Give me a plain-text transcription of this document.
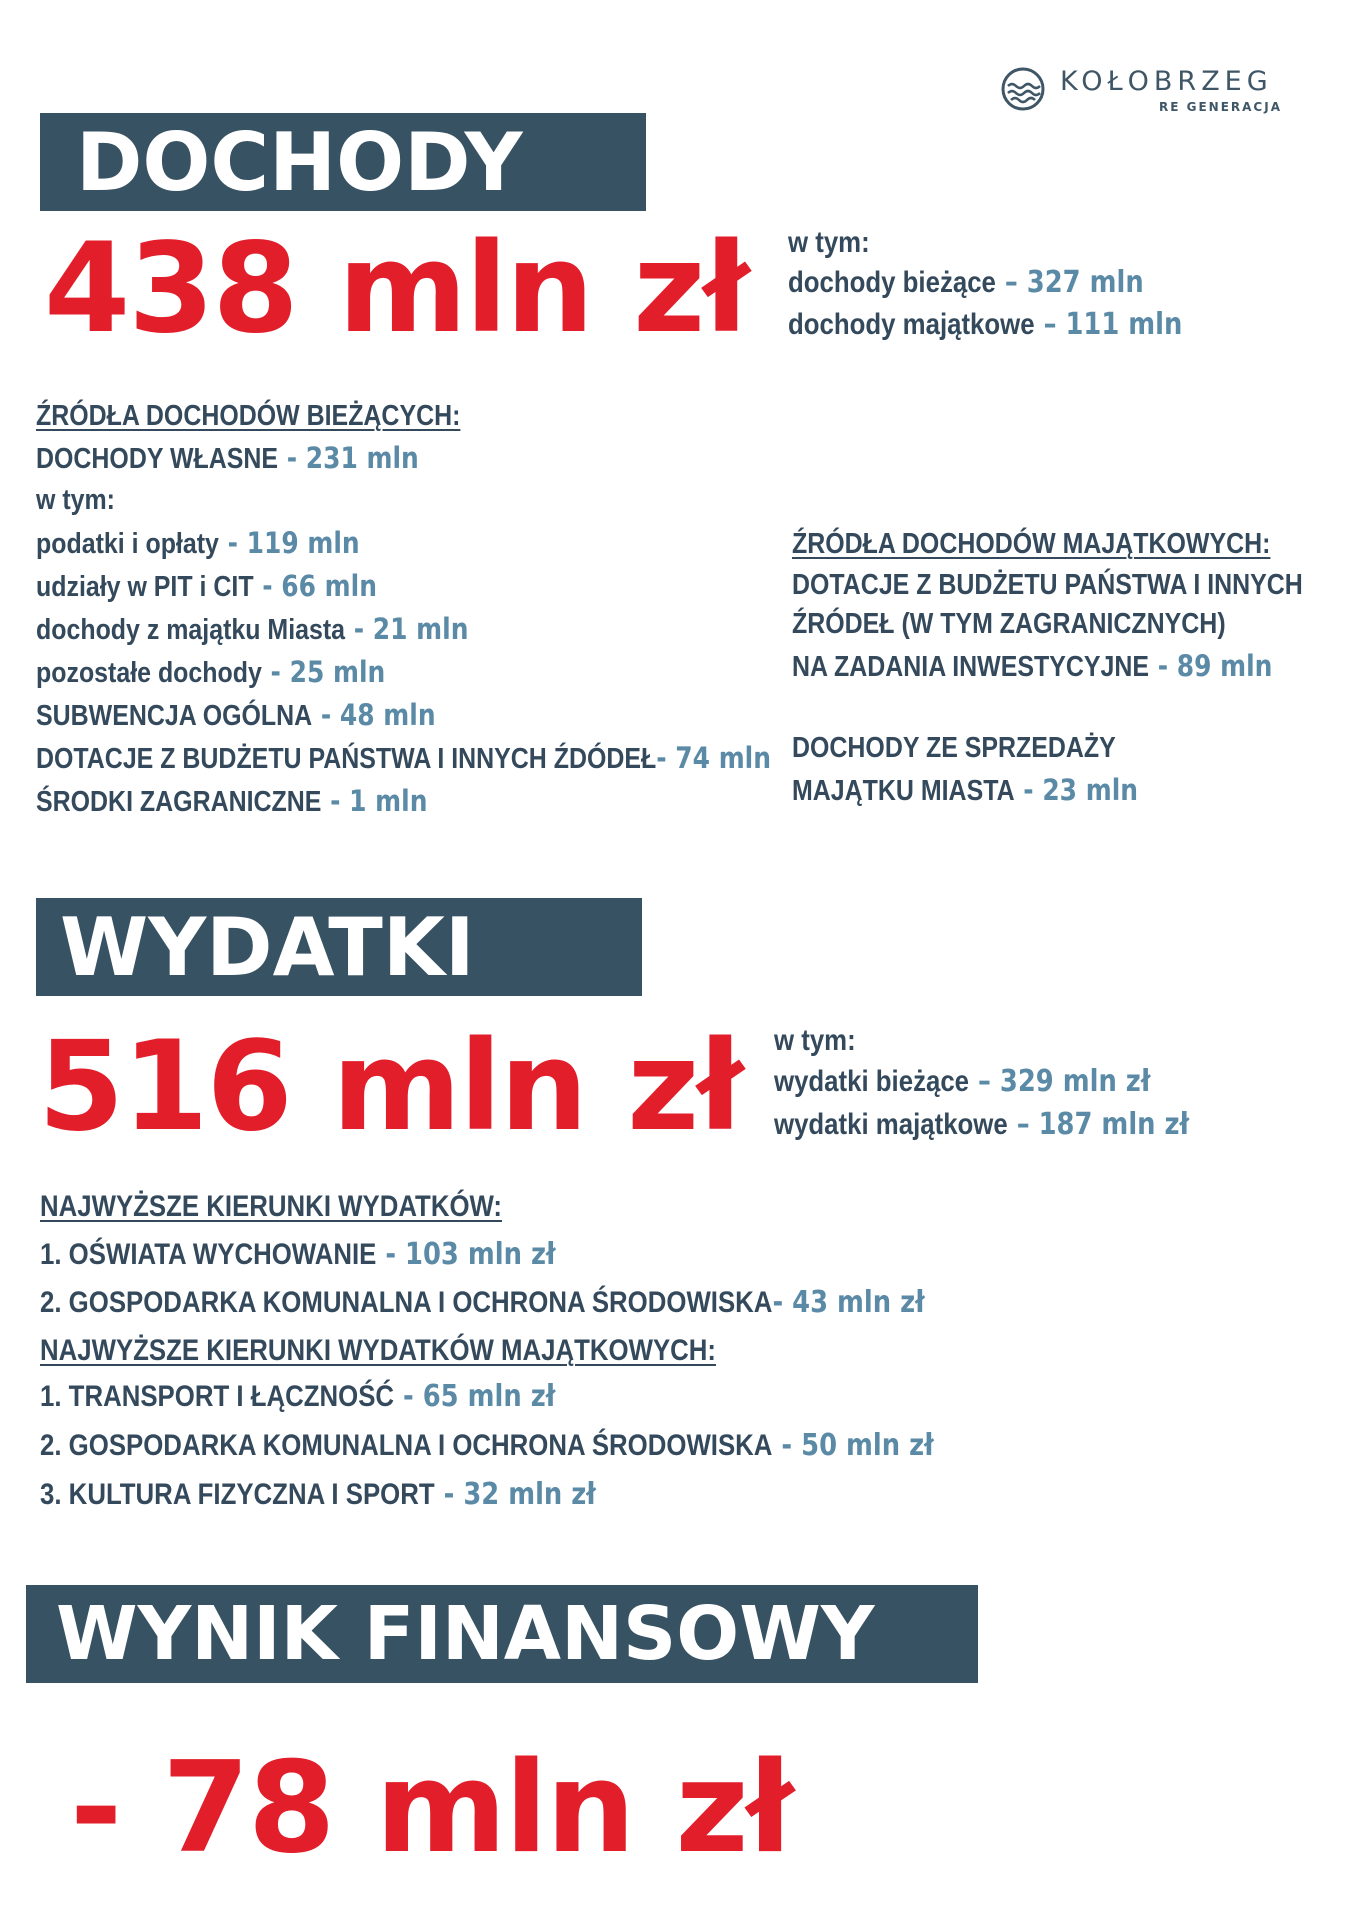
KOŁOBRZEG
RE GENERACJA
DOCHODY
438 mln zł w tym:
dochody bieżące – 327 mln
dochody majątkowe – 111 mln
ŹRÓDŁA DOCHODÓW BIEŻĄCYCH:
DOCHODY WŁASNE - 231 mln
w tym:
podatki i opłaty - 119 mln
udziały w PIT i CIT - 66 mln
dochody z majątku Miasta - 21 mln
pozostałe dochody - 25 mln
SUBWENCJA OGÓLNA - 48 mln
DOTACJE Z BUDŻETU PAŃSTWA I INNYCH ŹDÓDEŁ- 74 mln
ŚRODKI ZAGRANICZNE - 1 mln
ŹRÓDŁA DOCHODÓW MAJĄTKOWYCH:
DOTACJE Z BUDŻETU PAŃSTWA I INNYCH
ŹRÓDEŁ (W TYM ZAGRANICZNYCH)
NA ZADANIA INWESTYCYJNE - 89 mln
DOCHODY ZE SPRZEDAŻY
MAJĄTKU MIASTA - 23 mln
WYDATKI
516 mln zł w tym:
wydatki bieżące – 329 mln zł
wydatki majątkowe – 187 mln zł
NAJWYŻSZE KIERUNKI WYDATKÓW:
1. OŚWIATA WYCHOWANIE - 103 mln zł
2. GOSPODARKA KOMUNALNA I OCHRONA ŚRODOWISKA- 43 mln zł
NAJWYŻSZE KIERUNKI WYDATKÓW MAJĄTKOWYCH:
1. TRANSPORT I ŁĄCZNOŚĆ - 65 mln zł
2. GOSPODARKA KOMUNALNA I OCHRONA ŚRODOWISKA - 50 mln zł
3. KULTURA FIZYCZNA I SPORT - 32 mln zł
WYNIK FINANSOWY
- 78 mln zł
